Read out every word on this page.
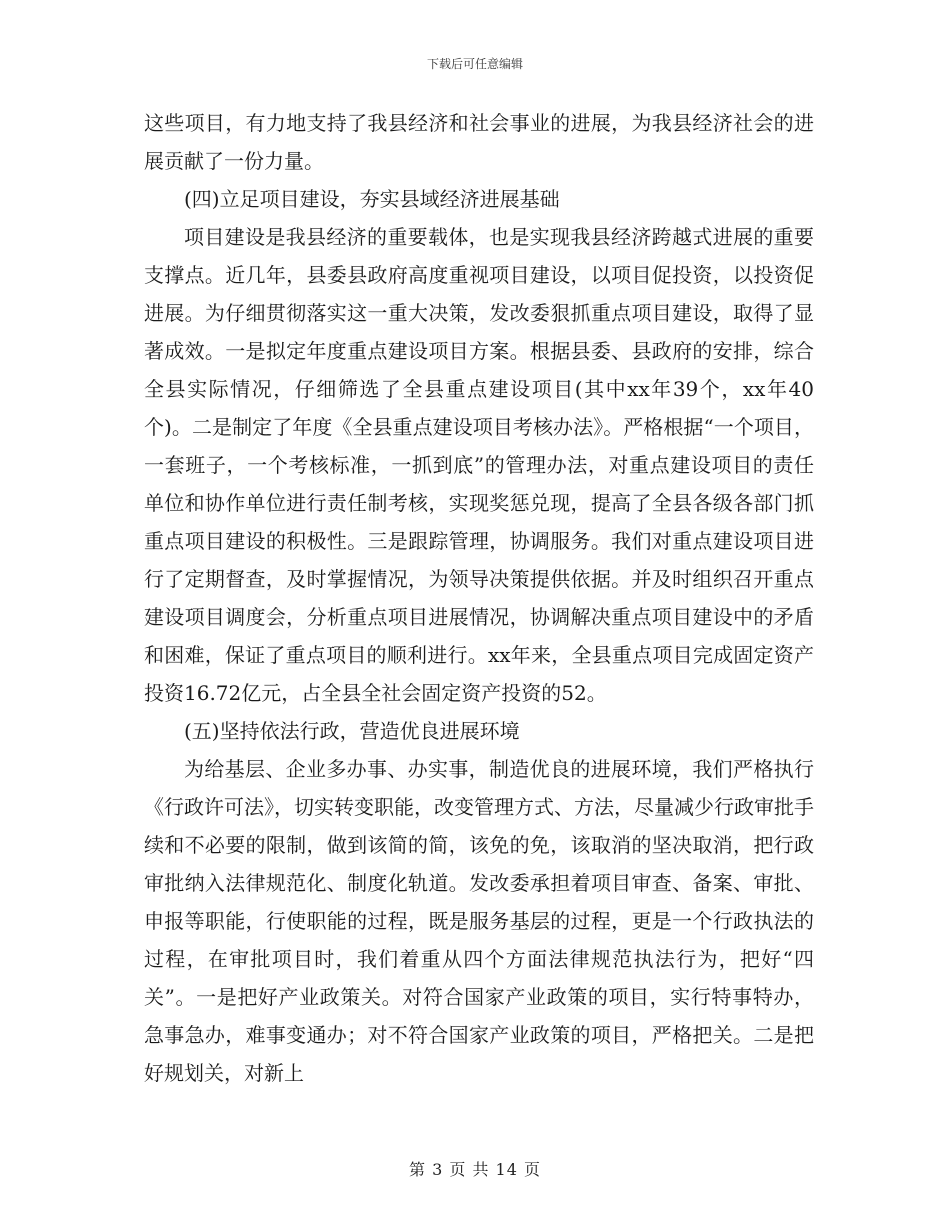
下载后可任意编辑

这些项目，有力地支持了我县经济和社会事业的进展，为我县经济社会的进展贡献了一份力量。

(四)立足项目建设，夯实县域经济进展基础

项目建设是我县经济的重要载体，也是实现我县经济跨越式进展的重要支撑点。近几年，县委县政府高度重视项目建设，以项目促投资，以投资促进展。为仔细贯彻落实这一重大决策，发改委狠抓重点项目建设，取得了显著成效。一是拟定年度重点建设项目方案。根据县委、县政府的安排，综合全县实际情况，仔细筛选了全县重点建设项目(其中xx年39个，xx年40个)。二是制定了年度《全县重点建设项目考核办法》。严格根据“一个项目，一套班子，一个考核标准，一抓到底”的管理办法，对重点建设项目的责任单位和协作单位进行责任制考核，实现奖惩兑现，提高了全县各级各部门抓重点项目建设的积极性。三是跟踪管理，协调服务。我们对重点建设项目进行了定期督查，及时掌握情况，为领导决策提供依据。并及时组织召开重点建设项目调度会，分析重点项目进展情况，协调解决重点项目建设中的矛盾和困难，保证了重点项目的顺利进行。xx年来，全县重点项目完成固定资产投资16.72亿元，占全县全社会固定资产投资的52。

(五)坚持依法行政，营造优良进展环境

为给基层、企业多办事、办实事，制造优良的进展环境，我们严格执行《行政许可法》，切实转变职能，改变管理方式、方法，尽量减少行政审批手续和不必要的限制，做到该简的简，该免的免，该取消的坚决取消，把行政审批纳入法律规范化、制度化轨道。发改委承担着项目审查、备案、审批、申报等职能，行使职能的过程，既是服务基层的过程，更是一个行政执法的过程，在审批项目时，我们着重从四个方面法律规范执法行为，把好“四关”。一是把好产业政策关。对符合国家产业政策的项目，实行特事特办，急事急办，难事变通办；对不符合国家产业政策的项目，严格把关。二是把好规划关，对新上

第 3 页 共 14 页
